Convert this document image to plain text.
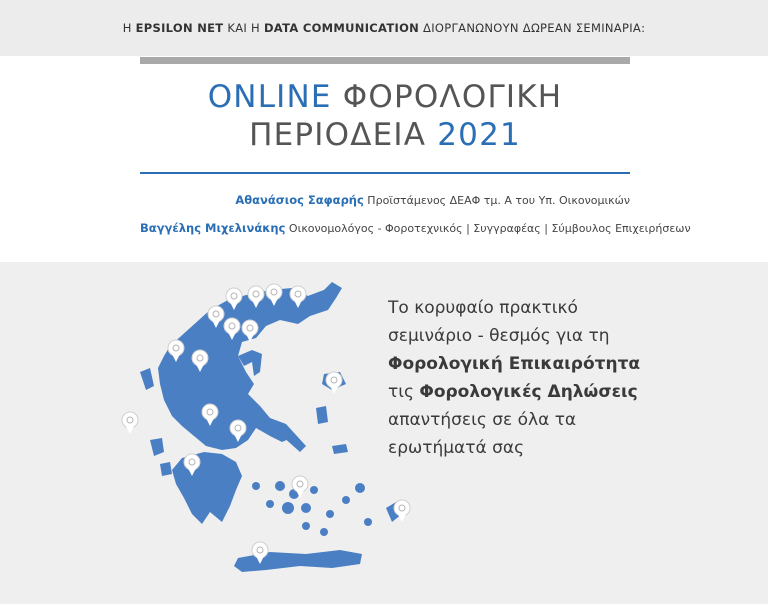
Η EPSILON NET ΚΑΙ Η DATA COMMUNICATION ΔΙΟΡΓΑΝΩΝΟΥΝ ΔΩΡΕΑΝ ΣΕΜΙΝΑΡΙΑ:
ONLINE ΦΟΡΟΛΟΓΙΚΗ
ΠΕΡΙΟΔΕΙΑ 2021
Αθανάσιος Σαφαρής Προϊστάμενος ΔΕΑΦ τμ. Α του Υπ. Οικονομικών
Βαγγέλης Μιχελινάκης Οικονομολόγος - Φοροτεχνικός | Συγγραφέας | Σύμβουλος Επιχειρήσεων

Το κορυφαίο πρακτικό

σεμινάριο - θεσμός για τη

Φορολογική Επικαιρότητα

τις Φορολογικές Δηλώσεις

απαντήσεις σε όλα τα

ερωτήματά σας
